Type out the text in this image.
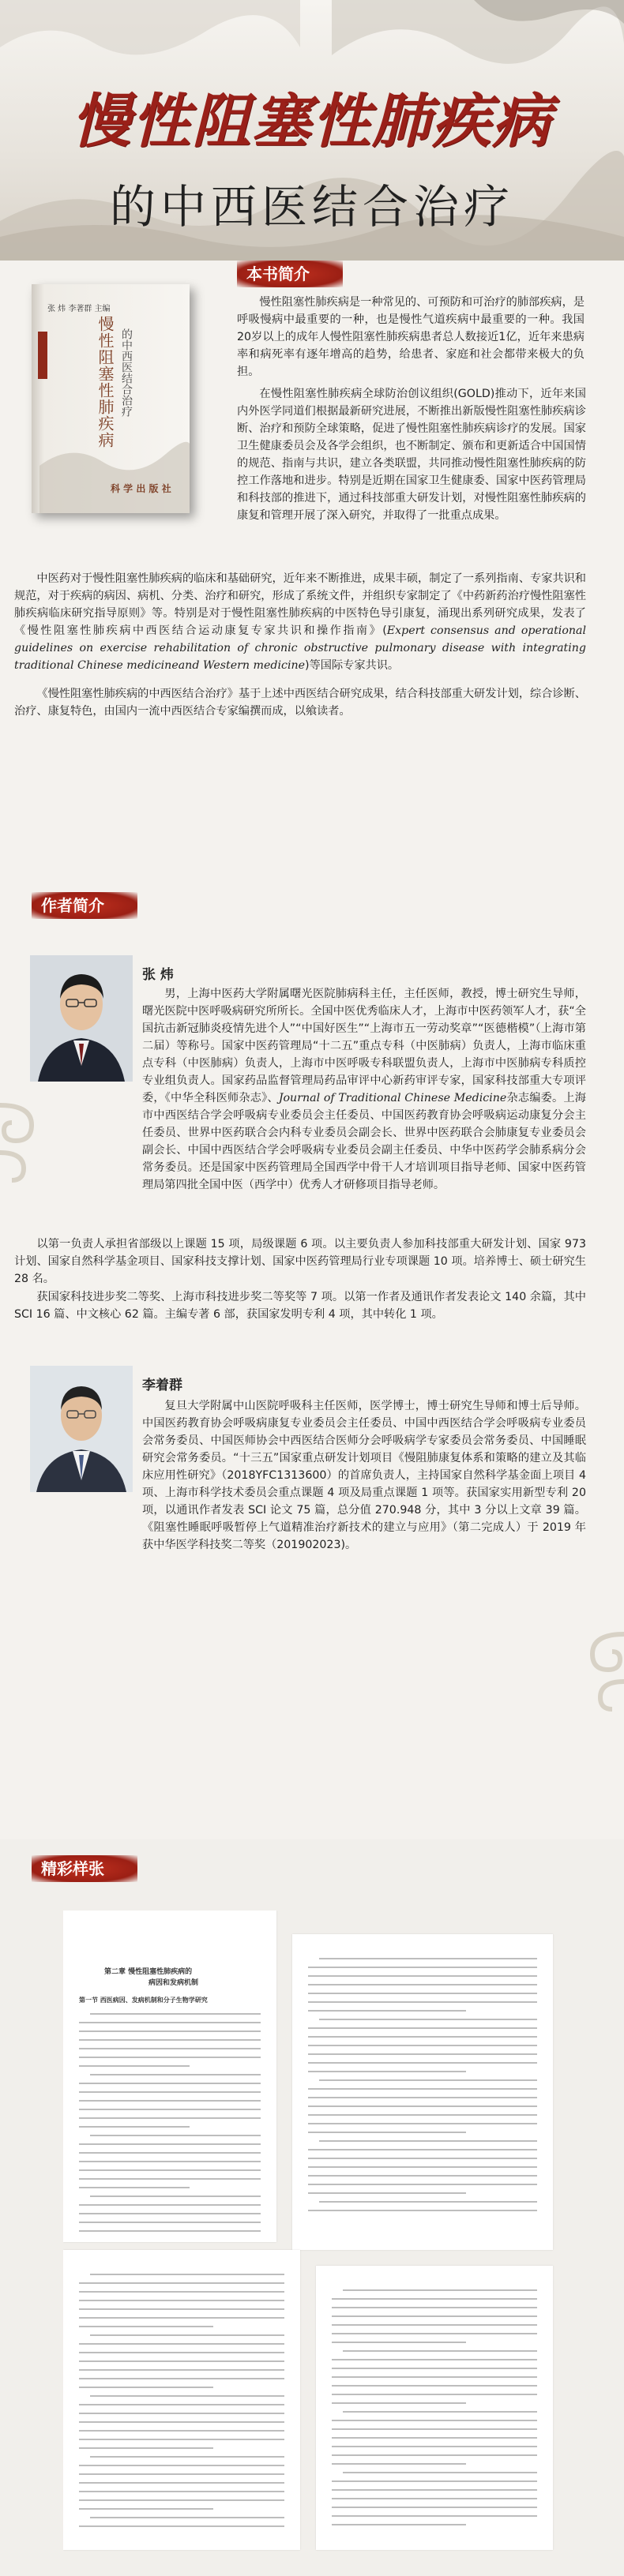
慢性阻塞性肺疾病
的中西医结合治疗
张 炜 李著群 主编
慢性阻塞性肺疾病 的中西医结合治疗
科 学 出 版 社
本书简介
慢性阻塞性肺疾病是一种常见的、可预防和可治疗的肺部疾病，是呼吸慢病中最重要的一种，也是慢性气道疾病中最重要的一种。我国20岁以上的成年人慢性阻塞性肺疾病患者总人数接近1亿，近年来患病率和病死率有逐年增高的趋势，给患者、家庭和社会都带来极大的负担。
在慢性阻塞性肺疾病全球防治创议组织(GOLD)推动下，近年来国内外医学同道们根据最新研究进展，不断推出新版慢性阻塞性肺疾病诊断、治疗和预防全球策略，促进了慢性阻塞性肺疾病诊疗的发展。国家卫生健康委员会及各学会组织，也不断制定、颁布和更新适合中国国情的规范、指南与共识，建立各类联盟，共同推动慢性阻塞性肺疾病的防控工作落地和进步。特别是近期在国家卫生健康委、国家中医药管理局和科技部的推进下，通过科技部重大研发计划，对慢性阻塞性肺疾病的康复和管理开展了深入研究，并取得了一批重点成果。
中医药对于慢性阻塞性肺疾病的临床和基础研究，近年来不断推进，成果丰硕，制定了一系列指南、专家共识和规范，对于疾病的病因、病机、分类、治疗和研究，形成了系统文件，并组织专家制定了《中药新药治疗慢性阻塞性肺疾病临床研究指导原则》等。特别是对于慢性阻塞性肺疾病的中医特色导引康复，涌现出系列研究成果，发表了《慢性阻塞性肺疾病中西医结合运动康复专家共识和操作指南》(Expert consensus and operational guidelines on exercise rehabilitation of chronic obstructive pulmonary disease with integrating traditional Chinese medicineand Western medicine)等国际专家共识。
《慢性阻塞性肺疾病的中西医结合治疗》基于上述中西医结合研究成果，结合科技部重大研发计划，综合诊断、治疗、康复特色，由国内一流中西医结合专家编撰而成，以飨读者。
作者简介
张 炜
男，上海中医药大学附属曙光医院肺病科主任，主任医师，教授，博士研究生导师，曙光医院中医呼吸病研究所所长。全国中医优秀临床人才，上海市中医药领军人才，获“全国抗击新冠肺炎疫情先进个人”“中国好医生”“上海市五一劳动奖章”“医德楷模”（上海市第二届）等称号。国家中医药管理局“十二五”重点专科（中医肺病）负责人，上海市临床重点专科（中医肺病）负责人，上海市中医呼吸专科联盟负责人，上海市中医肺病专科质控专业组负责人。国家药品监督管理局药品审评中心新药审评专家，国家科技部重大专项评委，《中华全科医师杂志》、Journal of Traditional Chinese Medicine杂志编委。上海市中西医结合学会呼吸病专业委员会主任委员、中国医药教育协会呼吸病运动康复分会主任委员、世界中医药联合会内科专业委员会副会长、世界中医药联合会肺康复专业委员会副会长、中国中西医结合学会呼吸病专业委员会副主任委员、中华中医药学会肺系病分会常务委员。还是国家中医药管理局全国西学中骨干人才培训项目指导老师、国家中医药管理局第四批全国中医（西学中）优秀人才研修项目指导老师。
以第一负责人承担省部级以上课题 15 项，局级课题 6 项。以主要负责人参加科技部重大研发计划、国家 973 计划、国家自然科学基金项目、国家科技支撑计划、国家中医药管理局行业专项课题 10 项。培养博士、硕士研究生 28 名。
获国家科技进步奖二等奖、上海市科技进步奖二等奖等 7 项。以第一作者及通讯作者发表论文 140 余篇，其中 SCI 16 篇、中文核心 62 篇。主编专著 6 部，获国家发明专利 4 项，其中转化 1 项。
李着群
复旦大学附属中山医院呼吸科主任医师，医学博士，博士研究生导师和博士后导师。中国医药教育协会呼吸病康复专业委员会主任委员、中国中西医结合学会呼吸病专业委员会常务委员、中国医师协会中西医结合医师分会呼吸病学专家委员会常务委员、中国睡眠研究会常务委员。“十三五”国家重点研发计划项目《慢阻肺康复体系和策略的建立及其临床应用性研究》（2018YFC1313600）的首席负责人，主持国家自然科学基金面上项目 4 项、上海市科学技术委员会重点课题 4 项及局重点课题 1 项等。获国家实用新型专利 20 项，以通讯作者发表 SCI 论文 75 篇，总分值 270.948 分，其中 3 分以上文章 39 篇。《阻塞性睡眠呼吸暂停上气道精准治疗新技术的建立与应用》（第二完成人）于 2019 年获中华医学科技奖二等奖（201902023)。
精彩样张
第二章 慢性阻塞性肺疾病的
病因和发病机制
第一节 西医病因、发病机制和分子生物学研究
